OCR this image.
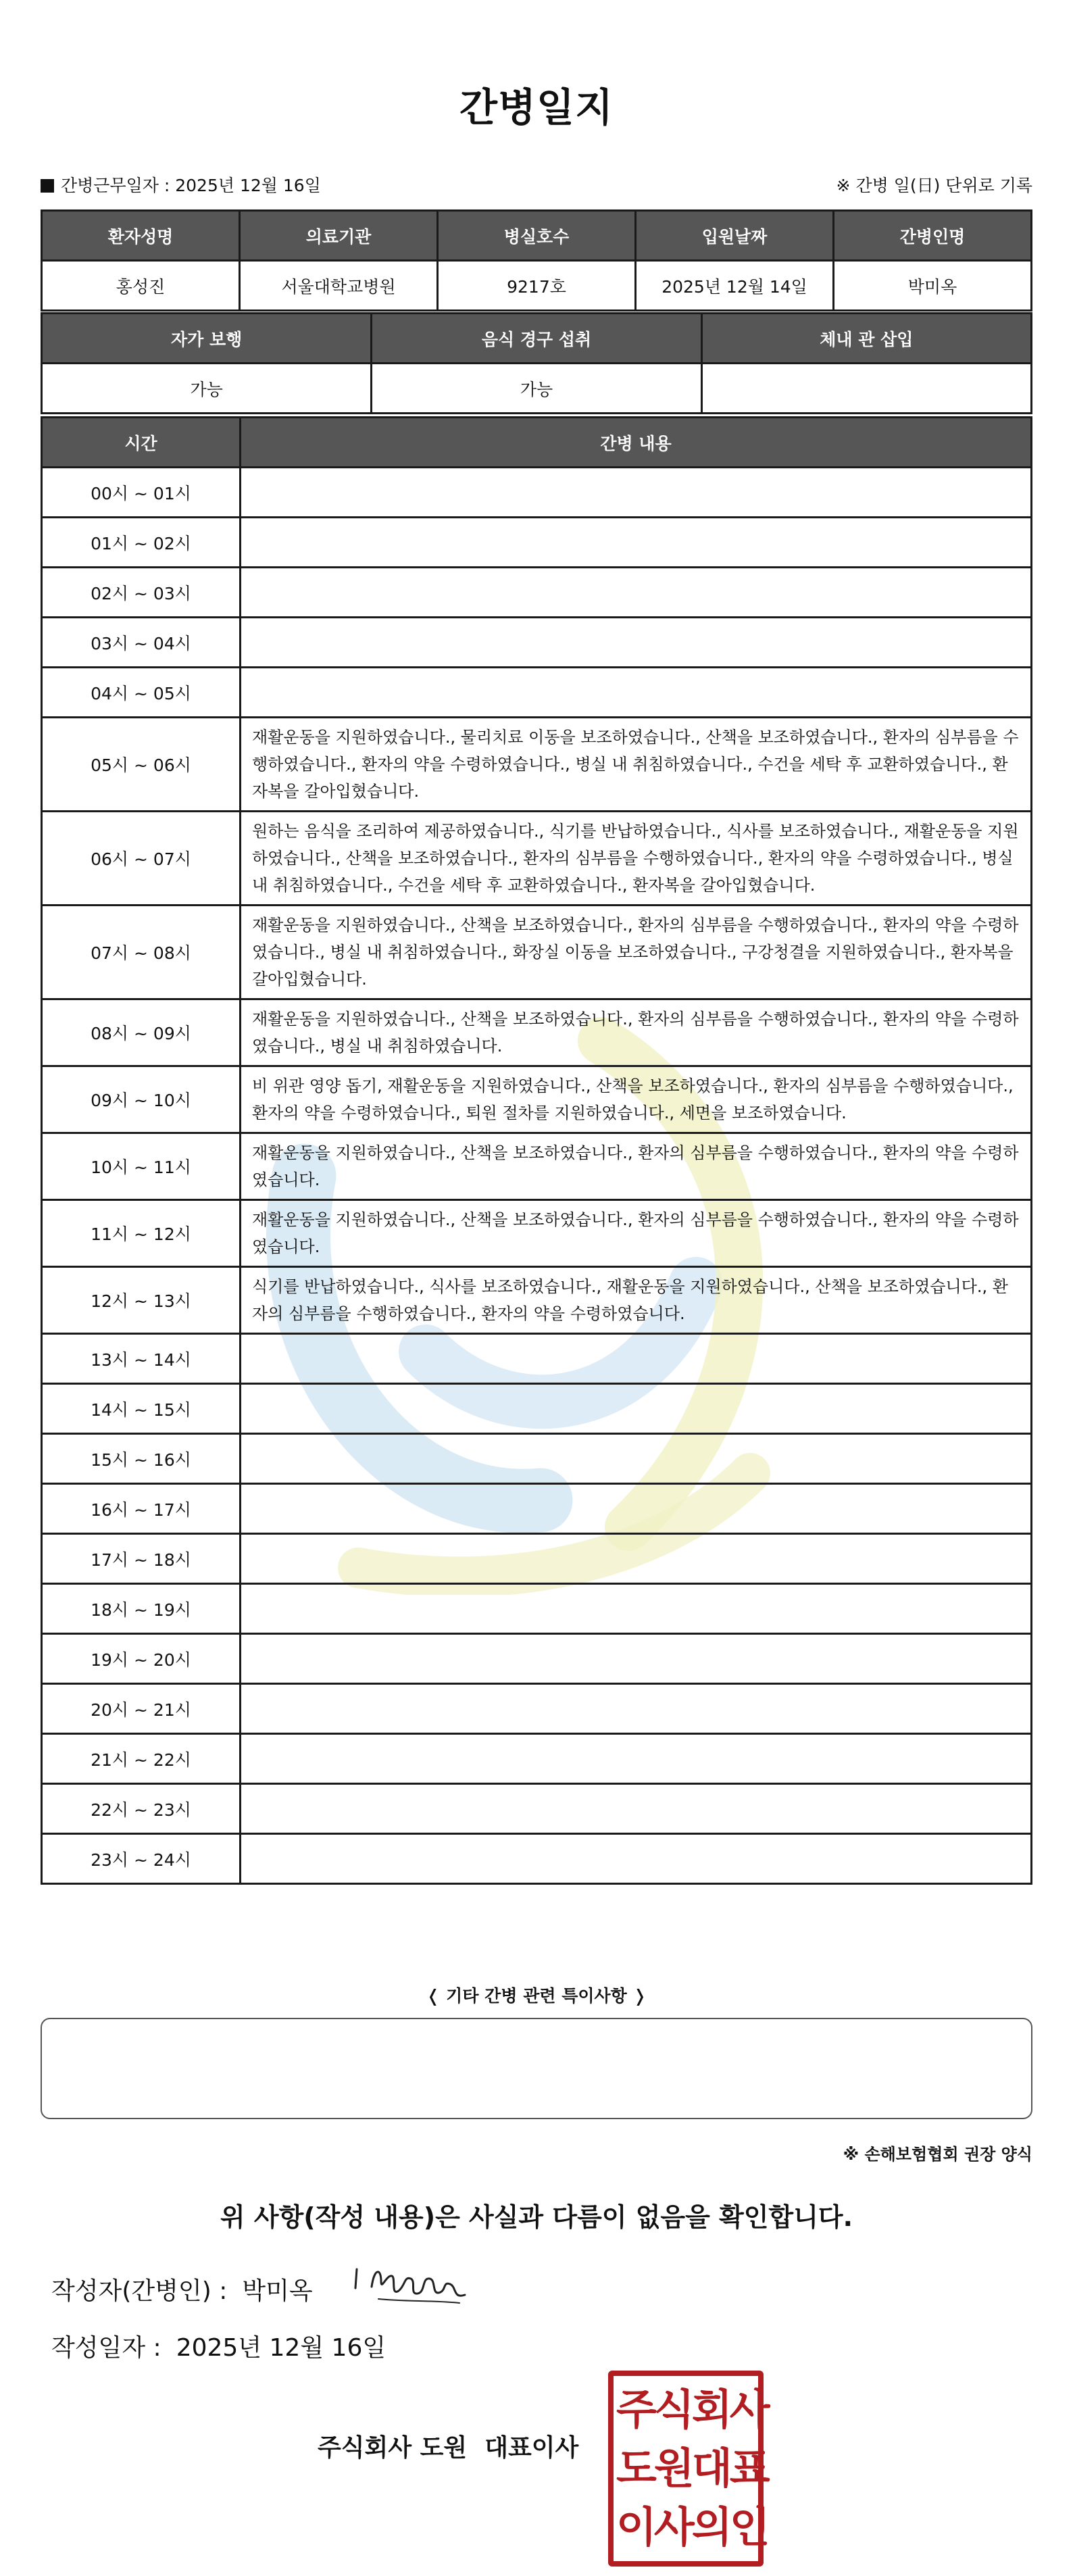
간병일지
간병근무일자 : 2025년 12월 16일	※ 간병 일(日) 단위로 기록
환자성명	의료기관	병실호수	입원날짜	간병인명
홍성진	서울대학교병원	9217호	2025년 12월 14일	박미옥
자가 보행	음식 경구 섭취	체내 관 삽입
가능	가능	
시간	간병 내용
00시 ~ 01시	
01시 ~ 02시	
02시 ~ 03시	
03시 ~ 04시	
04시 ~ 05시	
05시 ~ 06시	재활운동을 지원하였습니다., 물리치료 이동을 보조하였습니다., 산책을 보조하였습니다., 환자의 심부름을 수행하였습니다., 환자의 약을 수령하였습니다., 병실 내 취침하였습니다., 수건을 세탁 후 교환하였습니다., 환자복을 갈아입혔습니다.
06시 ~ 07시	원하는 음식을 조리하여 제공하였습니다., 식기를 반납하였습니다., 식사를 보조하였습니다., 재활운동을 지원하였습니다., 산책을 보조하였습니다., 환자의 심부름을 수행하였습니다., 환자의 약을 수령하였습니다., 병실 내 취침하였습니다., 수건을 세탁 후 교환하였습니다., 환자복을 갈아입혔습니다.
07시 ~ 08시	재활운동을 지원하였습니다., 산책을 보조하였습니다., 환자의 심부름을 수행하였습니다., 환자의 약을 수령하였습니다., 병실 내 취침하였습니다., 화장실 이동을 보조하였습니다., 구강청결을 지원하였습니다., 환자복을 갈아입혔습니다.
08시 ~ 09시	재활운동을 지원하였습니다., 산책을 보조하였습니다., 환자의 심부름을 수행하였습니다., 환자의 약을 수령하였습니다., 병실 내 취침하였습니다.
09시 ~ 10시	비 위관 영양 돕기, 재활운동을 지원하였습니다., 산책을 보조하였습니다., 환자의 심부름을 수행하였습니다., 환자의 약을 수령하였습니다., 퇴원 절차를 지원하였습니다., 세면을 보조하였습니다.
10시 ~ 11시	재활운동을 지원하였습니다., 산책을 보조하였습니다., 환자의 심부름을 수행하였습니다., 환자의 약을 수령하였습니다.
11시 ~ 12시	재활운동을 지원하였습니다., 산책을 보조하였습니다., 환자의 심부름을 수행하였습니다., 환자의 약을 수령하였습니다.
12시 ~ 13시	식기를 반납하였습니다., 식사를 보조하였습니다., 재활운동을 지원하였습니다., 산책을 보조하였습니다., 환자의 심부름을 수행하였습니다., 환자의 약을 수령하였습니다.
13시 ~ 14시	
14시 ~ 15시	
15시 ~ 16시	
16시 ~ 17시	
17시 ~ 18시	
18시 ~ 19시	
19시 ~ 20시	
20시 ~ 21시	
21시 ~ 22시	
22시 ~ 23시	
23시 ~ 24시	
❬ 기타 간병 관련 특이사항 ❭
※ 손해보험협회 권장 양식
위 사항(작성 내용)은 사실과 다름이 없음을 확인합니다.
작성자(간병인) : 박미옥
작성일자 : 2025년 12월 16일
주식회사 도원 대표이사
주 식 회 사
도 원 대 표
이 사 의 인
